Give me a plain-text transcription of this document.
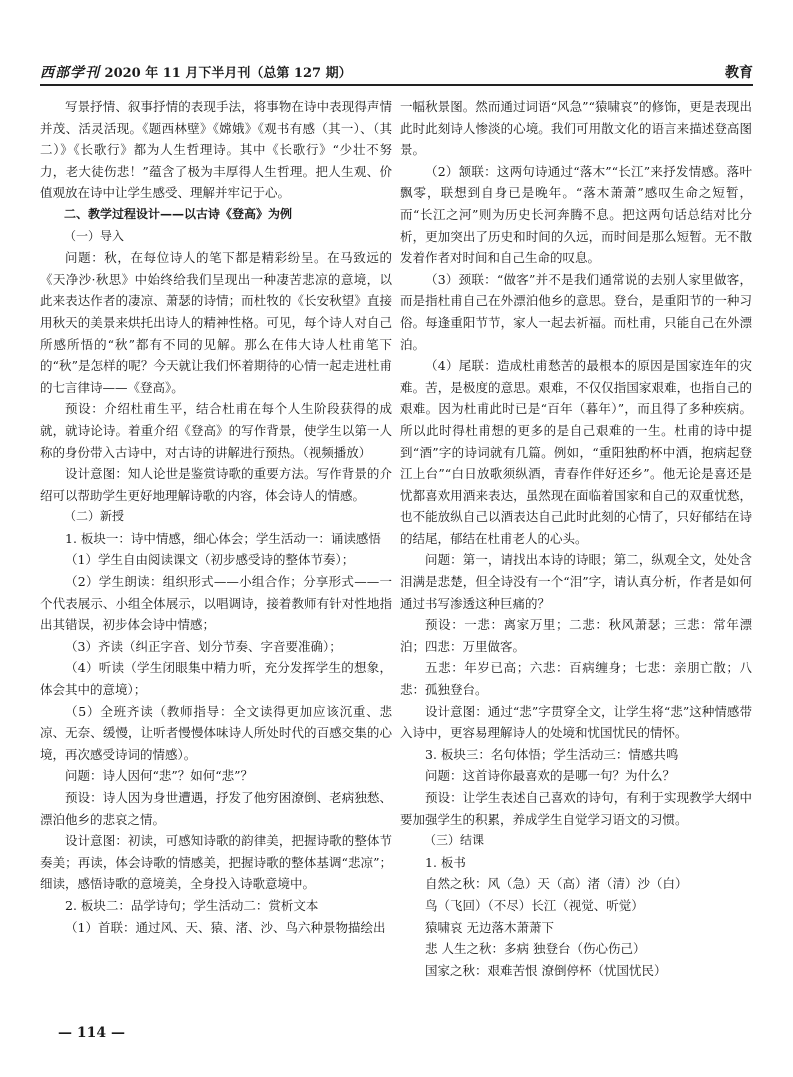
西部学刊 2020 年 11 月下半月刊（总第 127 期）	教育

写景抒情、叙事抒情的表现手法，将事物在诗中表现得声情并茂、活灵活现。《题西林壁》《嫦娥》《观书有感（其一）、（其二）》《长歌行》都为人生哲理诗。其中《长歌行》“少壮不努力，老大徒伤悲！”蕴含了极为丰厚得人生哲理。把人生观、价值观放在诗中让学生感受、理解并牢记于心。

二、教学过程设计——以古诗《登高》为例

（一）导入

问题：秋，在每位诗人的笔下都是精彩纷呈。在马致远的《天净沙·秋思》中始终给我们呈现出一种凄苦悲凉的意境，以此来表达作者的凄凉、萧瑟的诗情；而杜牧的《长安秋望》直接用秋天的美景来烘托出诗人的精神性格。可见，每个诗人对自己所感所悟的“秋”都有不同的见解。那么在伟大诗人杜甫笔下的“秋”是怎样的呢？今天就让我们怀着期待的心情一起走进杜甫的七言律诗——《登高》。

预设：介绍杜甫生平，结合杜甫在每个人生阶段获得的成就，就诗论诗。着重介绍《登高》的写作背景，使学生以第一人称的身份带入古诗中，对古诗的讲解进行预热。（视频播放）

设计意图：知人论世是鉴赏诗歌的重要方法。写作背景的介绍可以帮助学生更好地理解诗歌的内容，体会诗人的情感。

（二）新授

1. 板块一：诗中情感，细心体会；学生活动一：诵读感悟

（1）学生自由阅读课文（初步感受诗的整体节奏）；

（2）学生朗读：组织形式——小组合作；分享形式——一个代表展示、小组全体展示，以唱调诗，接着教师有针对性地指出其错误，初步体会诗中情感；

（3）齐读（纠正字音、划分节奏、字音要准确）；

（4）听读（学生闭眼集中精力听，充分发挥学生的想象，体会其中的意境）；

（5）全班齐读（教师指导：全文读得更加应该沉重、悲凉、无奈、缓慢，让听者慢慢体味诗人所处时代的百感交集的心境，再次感受诗词的情感）。

问题：诗人因何“悲”？如何“悲”？

预设：诗人因为身世遭遇，抒发了他穷困潦倒、老病独愁、漂泊他乡的悲哀之情。

设计意图：初读，可感知诗歌的韵律美，把握诗歌的整体节奏美；再读，体会诗歌的情感美，把握诗歌的整体基调“悲凉”；细读，感悟诗歌的意境美，全身投入诗歌意境中。

2. 板块二：品学诗句；学生活动二：赏析文本

（1）首联：通过风、天、猿、渚、沙、鸟六种景物描绘出

一幅秋景图。然而通过词语“风急”“猿啸哀”的修饰，更是表现出此时此刻诗人惨淡的心境。我们可用散文化的语言来描述登高图景。

（2）颔联：这两句诗通过“落木”“长江”来抒发情感。落叶飘零，联想到自身已是晚年。“落木萧萧”感叹生命之短暂，而“长江之河”则为历史长河奔腾不息。把这两句话总结对比分析，更加突出了历史和时间的久远，而时间是那么短暂。无不散发着作者对时间和自己生命的叹息。

（3）颈联：“做客”并不是我们通常说的去别人家里做客，而是指杜甫自己在外漂泊他乡的意思。登台，是重阳节的一种习俗。每逢重阳节节，家人一起去祈福。而杜甫，只能自己在外漂泊。

（4）尾联：造成杜甫愁苦的最根本的原因是国家连年的灾难。苦，是极度的意思。艰难，不仅仅指国家艰难，也指自己的艰难。因为杜甫此时已是“百年（暮年）”，而且得了多种疾病。所以此时得杜甫想的更多的是自己艰难的一生。杜甫的诗中提到“酒”字的诗词就有几篇。例如，“重阳独酌杯中酒，抱病起登江上台”“白日放歌须纵酒，青春作伴好还乡”。他无论是喜还是忧都喜欢用酒来表达，虽然现在面临着国家和自己的双重忧愁，也不能放纵自己以酒表达自己此时此刻的心情了，只好郁结在诗的结尾，郁结在杜甫老人的心头。

问题：第一，请找出本诗的诗眼；第二，纵观全文，处处含泪满是悲楚，但全诗没有一个“泪”字，请认真分析，作者是如何通过书写渗透这种巨痛的？

预设：一悲：离家万里；二悲：秋风萧瑟；三悲：常年漂泊；四悲：万里做客。

五悲：年岁已高；六悲：百病缠身；七悲：亲朋亡散；八悲：孤独登台。

设计意图：通过“悲”字贯穿全文，让学生将“悲”这种情感带入诗中，更容易理解诗人的处境和忧国忧民的情怀。

3. 板块三：名句体悟；学生活动三：情感共鸣

问题：这首诗你最喜欢的是哪一句？为什么？

预设：让学生表述自己喜欢的诗句，有利于实现教学大纲中要加强学生的积累，养成学生自觉学习语文的习惯。

（三）结课

1. 板书

自然之秋：风（急）天（高）渚（清）沙（白）
鸟（飞回）（不尽）长江（视觉、听觉）
猿啸哀 无边落木萧萧下
悲 人生之秋：多病 独登台（伤心伤己）
国家之秋：艰难苦恨 潦倒停杯（忧国忧民）
— 114 —
